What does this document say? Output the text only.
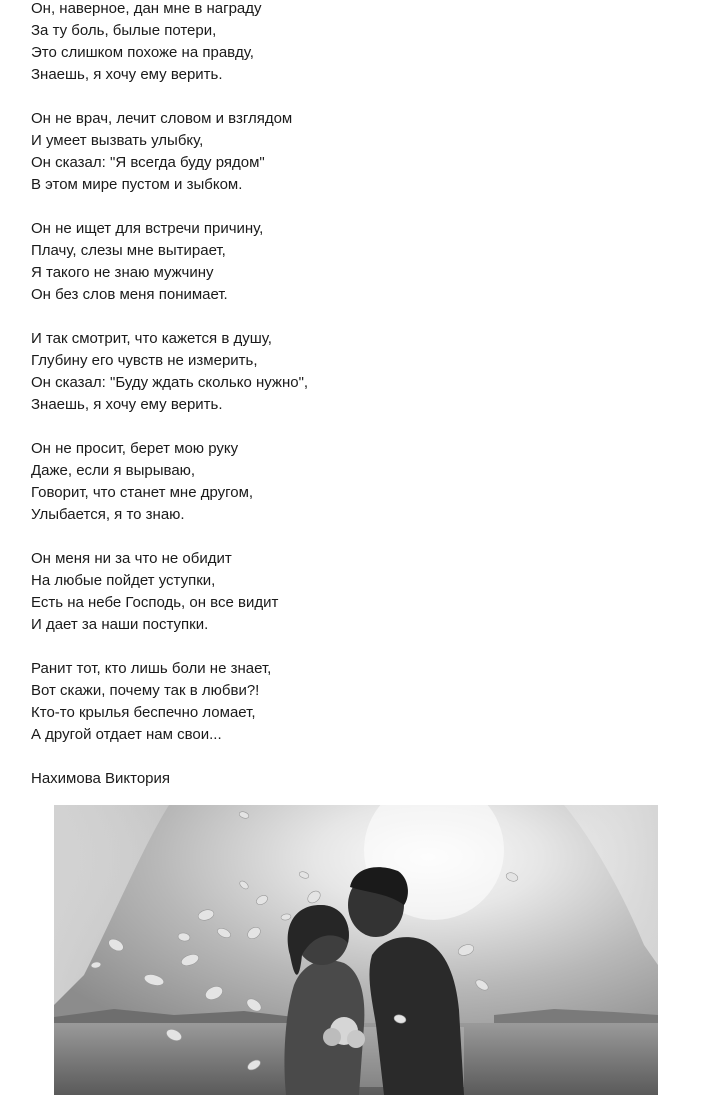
Он, наверное, дан мне в награду
За ту боль, былые потери,
Это слишком похоже на правду,
Знаешь, я хочу ему верить.
Он не врач, лечит словом и взглядом
И умеет вызвать улыбку,
Он сказал: "Я всегда буду рядом"
В этом мире пустом и зыбком.
Он не ищет для встречи причину,
Плачу, слезы мне вытирает,
Я такого не знаю мужчину
Он без слов меня понимает.
И так смотрит, что кажется в душу,
Глубину его чувств не измерить,
Он сказал: "Буду ждать сколько нужно",
Знаешь, я хочу ему верить.
Он не просит, берет мою руку
Даже, если я вырываю,
Говорит, что станет мне другом,
Улыбается, я то знаю.
Он меня ни за что не обидит
На любые пойдет уступки,
Есть на небе Господь, он все видит
И дает за наши поступки.
Ранит тот, кто лишь боли не знает,
Вот скажи, почему так в любви?!
Кто-то крылья беспечно ломает,
А другой отдает нам свои...
Нахимова Виктория
